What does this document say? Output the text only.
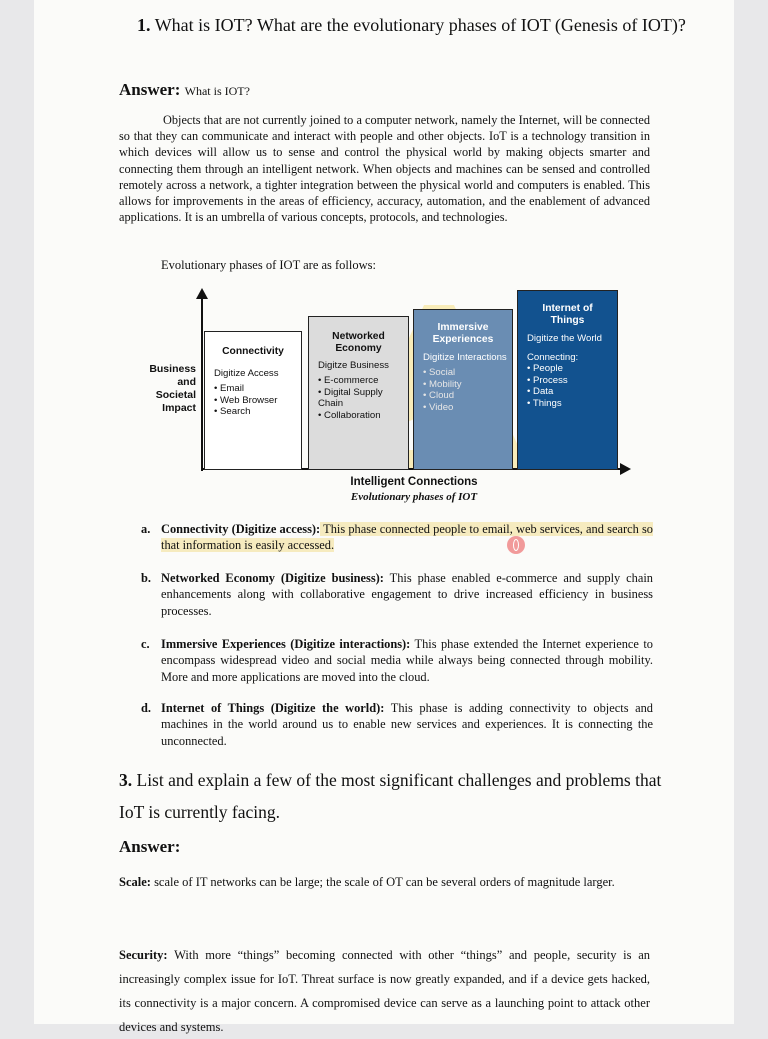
1. What is IOT? What are the evolutionary phases of IOT (Genesis of IOT)?
Answer: What is IOT?

Objects that are not currently joined to a computer network, namely the Internet, will be connected so that they can communicate and interact with people and other objects. IoT is a technology transition in which devices will allow us to sense and control the physical world by making objects smarter and connecting them through an intelligent network. When objects and machines can be sensed and controlled remotely across a network, a tighter integration between the physical world and computers is enabled. This allows for improvements in the areas of efficiency, accuracy, automation, and the enablement of advanced applications. It is an umbrella of various concepts, protocols, and technologies.

Evolutionary phases of IOT are as follows:
Business and Societal Impact
Connectivity
Digitize Access
• Email
• Web Browser
• Search
Networked Economy
Digitze Business
• E-commerce
• Digital Supply Chain
• Collaboration
Immersive Experiences
Digitize Interactions
• Social
• Mobility
• Cloud
• Video
Internet of Things
Digitize the World
Connecting:
• People
• Process
• Data
• Things
Intelligent Connections
Evolutionary phases of IOT
a. Connectivity (Digitize access): This phase connected people to email, web services, and search so that information is easily accessed.
b. Networked Economy (Digitize business): This phase enabled e-commerce and supply chain enhancements along with collaborative engagement to drive increased efficiency in business processes.
c. Immersive Experiences (Digitize interactions): This phase extended the Internet experience to encompass widespread video and social media while always being connected through mobility. More and more applications are moved into the cloud.
d. Internet of Things (Digitize the world): This phase is adding connectivity to objects and machines in the world around us to enable new services and experiences. It is connecting the unconnected.
3. List and explain a few of the most significant challenges and problems that IoT is currently facing.
Answer:

Scale: scale of IT networks can be large; the scale of OT can be several orders of magnitude larger.

Security: With more “things” becoming connected with other “things” and people, security is an increasingly complex issue for IoT. Threat surface is now greatly expanded, and if a device gets hacked, its connectivity is a major concern. A compromised device can serve as a launching point to attack other devices and systems.
